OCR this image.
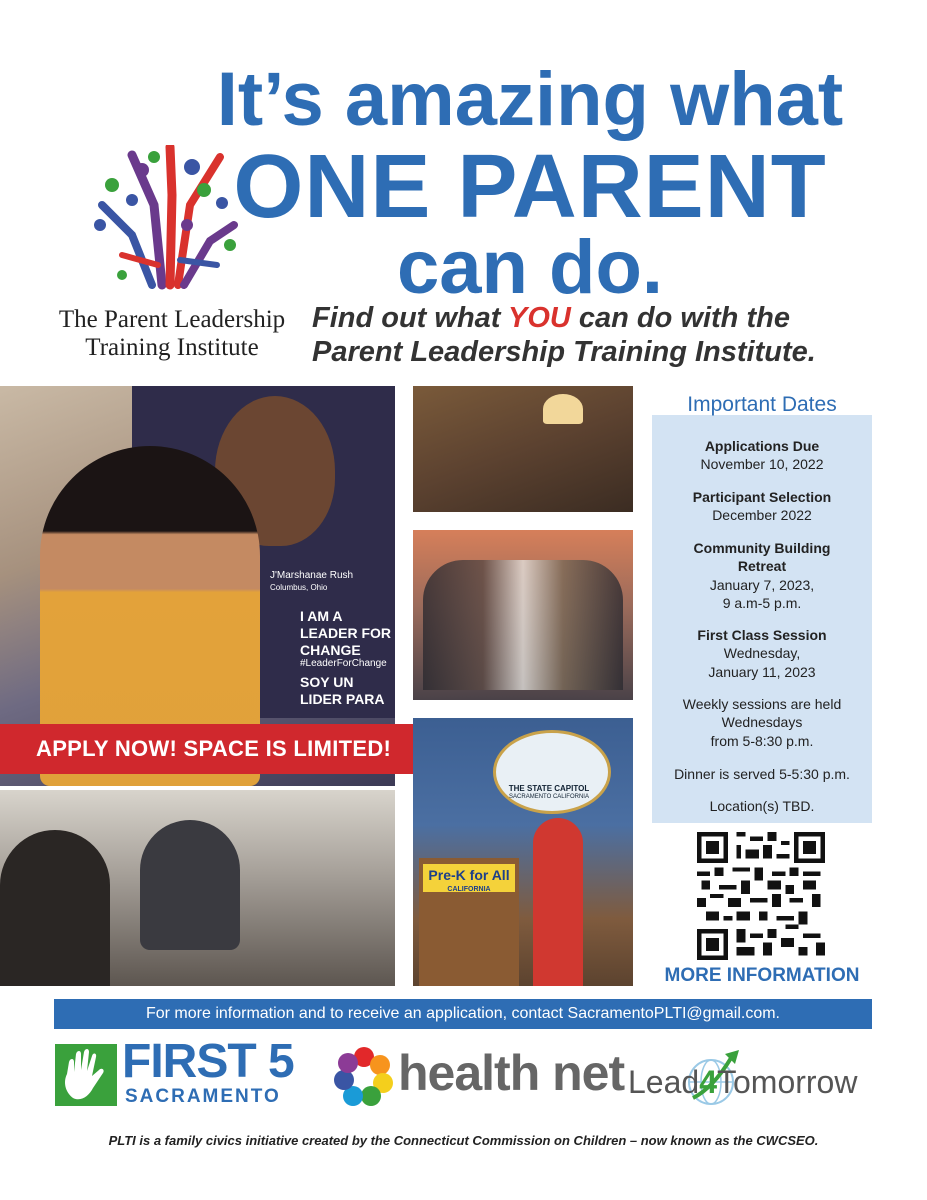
It’s amazing what
ONE PARENT
can do.
Find out what YOU can do with the
Parent Leadership Training Institute.
The Parent Leadership
Training Institute
J'Marshanae Rush
Columbus, Ohio
I AM A
LEADER FOR
CHANGE
#LeaderForChange
SOY UN
LIDER PARA
APPLY NOW! SPACE IS LIMITED!
THE STATE CAPITOL
SACRAMENTO CALIFORNIA
Pre-K for All
CALIFORNIA
Important Dates
Applications Due
November 10, 2022
Participant Selection
December 2022
Community Building Retreat
January 7, 2023,
9 a.m-5 p.m.
First Class Session
Wednesday,
January 11, 2023
Weekly sessions are held
Wednesdays
from 5-8:30 p.m.
Dinner is served 5-5:30 p.m.
Location(s) TBD.
MORE INFORMATION
For more information and to receive an application, contact SacramentoPLTI@gmail.com.
FIRST 5
SACRAMENTO health net Lead4Tomorrow
PLTI is a family civics initiative created by the Connecticut Commission on Children – now known as the CWCSEO.
